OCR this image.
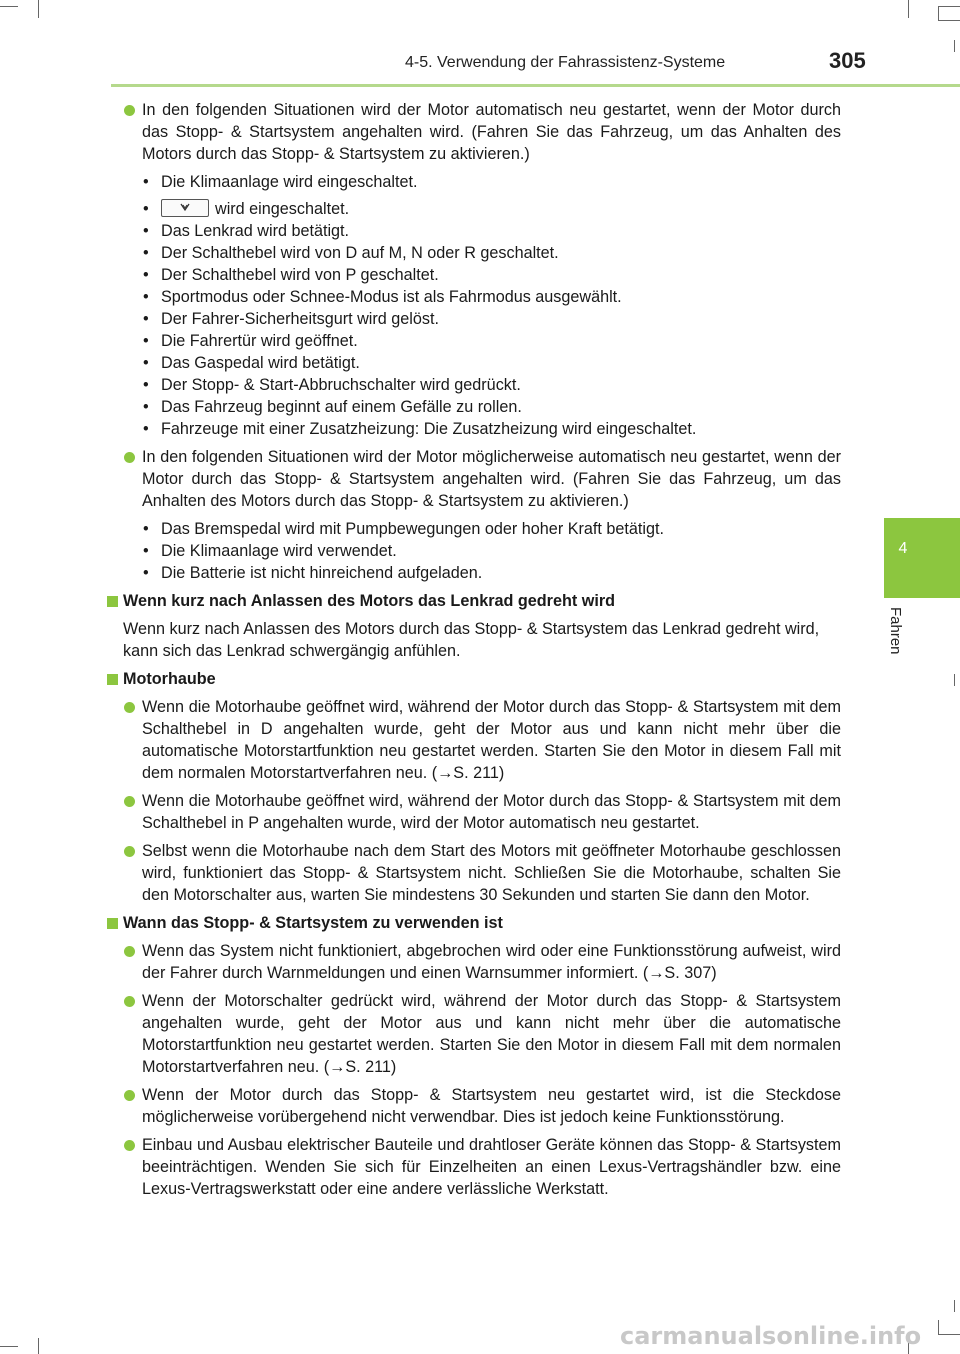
4-5. Verwendung der Fahrassistenz-Systeme	305
4
Fahren
In den folgenden Situationen wird der Motor automatisch neu gestartet, wenn der Motor durch das Stopp- & Startsystem angehalten wird. (Fahren Sie das Fahrzeug, um das Anhalten des Motors durch das Stopp- & Startsystem zu aktivieren.)
• Die Klimaanlage wird eingeschaltet.
•	wird eingeschaltet.
• Das Lenkrad wird betätigt.
• Der Schalthebel wird von D auf M, N oder R geschaltet.
• Der Schalthebel wird von P geschaltet.
• Sportmodus oder Schnee-Modus ist als Fahrmodus ausgewählt.
• Der Fahrer-Sicherheitsgurt wird gelöst.
• Die Fahrertür wird geöffnet.
• Das Gaspedal wird betätigt.
• Der Stopp- & Start-Abbruchschalter wird gedrückt.
• Das Fahrzeug beginnt auf einem Gefälle zu rollen.
• Fahrzeuge mit einer Zusatzheizung: Die Zusatzheizung wird eingeschaltet.
In den folgenden Situationen wird der Motor möglicherweise automatisch neu gestartet, wenn der Motor durch das Stopp- & Startsystem angehalten wird. (Fahren Sie das Fahrzeug, um das Anhalten des Motors durch das Stopp- & Startsystem zu aktivieren.)
• Das Bremspedal wird mit Pumpbewegungen oder hoher Kraft betätigt.
• Die Klimaanlage wird verwendet.
• Die Batterie ist nicht hinreichend aufgeladen.
Wenn kurz nach Anlassen des Motors das Lenkrad gedreht wird
Wenn kurz nach Anlassen des Motors durch das Stopp- & Startsystem das Lenkrad gedreht wird, kann sich das Lenkrad schwergängig anfühlen.
Motorhaube
Wenn die Motorhaube geöffnet wird, während der Motor durch das Stopp- & Startsystem mit dem Schalthebel in D angehalten wurde, geht der Motor aus und kann nicht mehr über die automatische Motorstartfunktion neu gestartet werden. Starten Sie den Motor in diesem Fall mit dem normalen Motorstartverfahren neu. (→S. 211)
Wenn die Motorhaube geöffnet wird, während der Motor durch das Stopp- & Startsystem mit dem Schalthebel in P angehalten wurde, wird der Motor automatisch neu gestartet.
Selbst wenn die Motorhaube nach dem Start des Motors mit geöffneter Motorhaube geschlossen wird, funktioniert das Stopp- & Startsystem nicht. Schließen Sie die Motorhaube, schalten Sie den Motorschalter aus, warten Sie mindestens 30 Sekunden und starten Sie dann den Motor.
Wann das Stopp- & Startsystem zu verwenden ist
Wenn das System nicht funktioniert, abgebrochen wird oder eine Funktionsstörung aufweist, wird der Fahrer durch Warnmeldungen und einen Warnsummer informiert. (→S. 307)
Wenn der Motorschalter gedrückt wird, während der Motor durch das Stopp- & Startsystem angehalten wurde, geht der Motor aus und kann nicht mehr über die automatische Motorstartfunktion neu gestartet werden. Starten Sie den Motor in diesem Fall mit dem normalen Motorstartverfahren neu. (→S. 211)
Wenn der Motor durch das Stopp- & Startsystem neu gestartet wird, ist die Steckdose möglicherweise vorübergehend nicht verwendbar. Dies ist jedoch keine Funktionsstörung.
Einbau und Ausbau elektrischer Bauteile und drahtloser Geräte können das Stopp- & Startsystem beeinträchtigen. Wenden Sie sich für Einzelheiten an einen Lexus-Vertragshändler bzw. eine Lexus-Vertragswerkstatt oder eine andere verlässliche Werkstatt.
carmanualsonline.info
